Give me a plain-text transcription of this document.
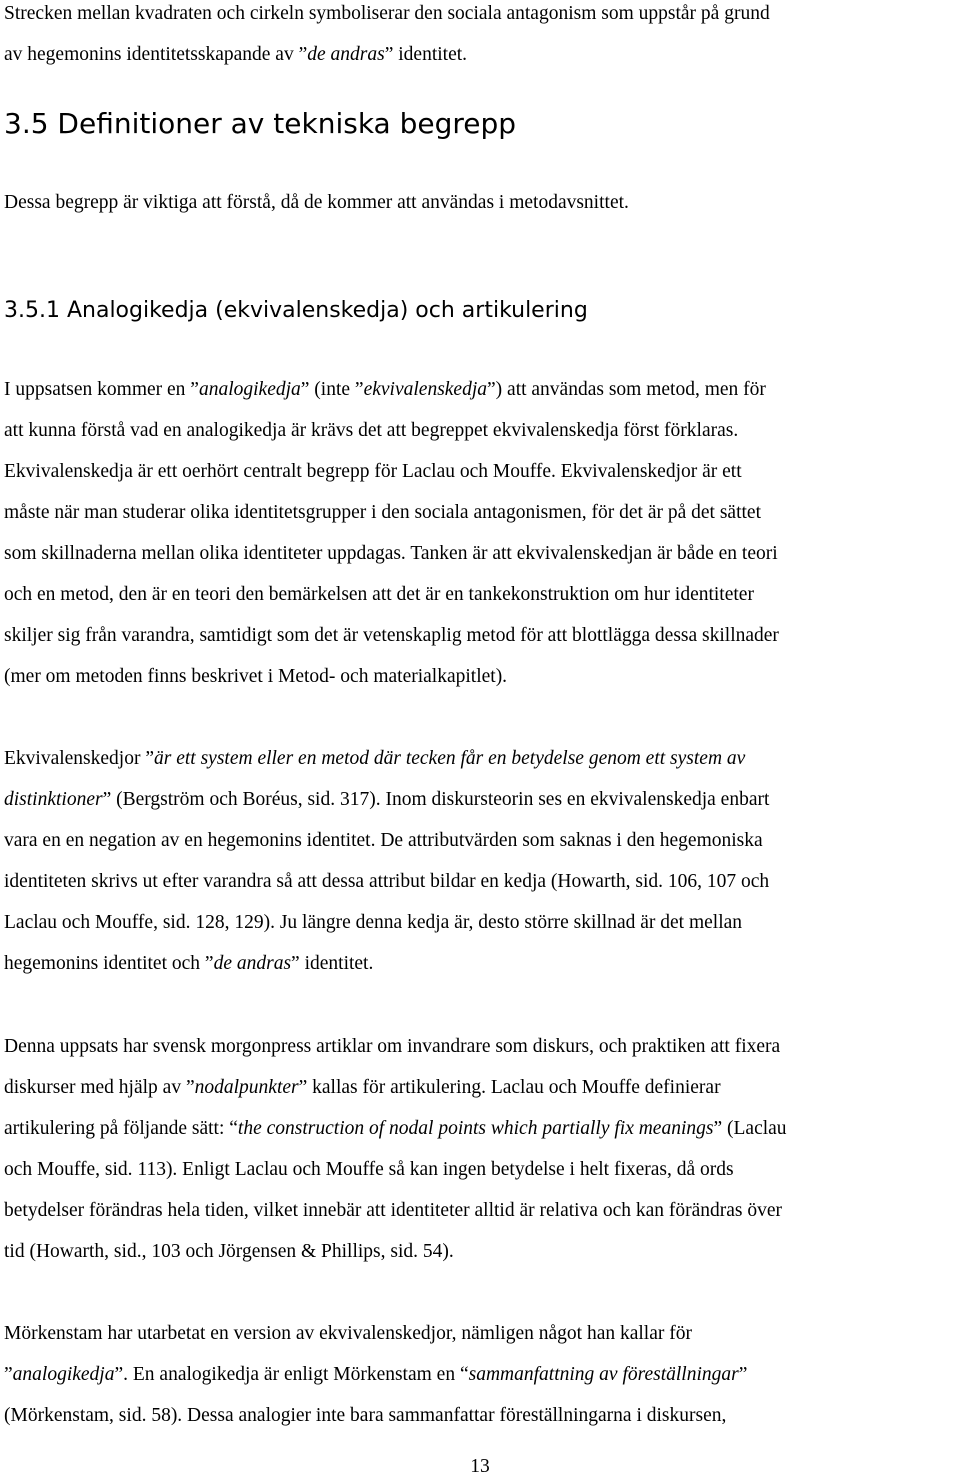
Strecken mellan kvadraten och cirkeln symboliserar den sociala antagonism som uppstår på grund
av hegemonins identitetsskapande av ”de andras” identitet.
3.5 Definitioner av tekniska begrepp
Dessa begrepp är viktiga att förstå, då de kommer att användas i metodavsnittet.
3.5.1 Analogikedja (ekvivalenskedja) och artikulering
I uppsatsen kommer en ”analogikedja” (inte ”ekvivalenskedja”) att användas som metod, men för
att kunna förstå vad en analogikedja är krävs det att begreppet ekvivalenskedja först förklaras.
Ekvivalenskedja är ett oerhört centralt begrepp för Laclau och Mouffe. Ekvivalenskedjor är ett
måste när man studerar olika identitetsgrupper i den sociala antagonismen, för det är på det sättet
som skillnaderna mellan olika identiteter uppdagas. Tanken är att ekvivalenskedjan är både en teori
och en metod, den är en teori den bemärkelsen att det är en tankekonstruktion om hur identiteter
skiljer sig från varandra, samtidigt som det är vetenskaplig metod för att blottlägga dessa skillnader
(mer om metoden finns beskrivet i Metod- och materialkapitlet).
Ekvivalenskedjor ”är ett system eller en metod där tecken får en betydelse genom ett system av
distinktioner” (Bergström och Boréus, sid. 317). Inom diskursteorin ses en ekvivalenskedja enbart
vara en en negation av en hegemonins identitet. De attributvärden som saknas i den hegemoniska
identiteten skrivs ut efter varandra så att dessa attribut bildar en kedja (Howarth, sid. 106, 107 och
Laclau och Mouffe, sid. 128, 129). Ju längre denna kedja är, desto större skillnad är det mellan
hegemonins identitet och ”de andras” identitet.
Denna uppsats har svensk morgonpress artiklar om invandrare som diskurs, och praktiken att fixera
diskurser med hjälp av ”nodalpunkter” kallas för artikulering. Laclau och Mouffe definierar
artikulering på följande sätt: “the construction of nodal points which partially fix meanings” (Laclau
och Mouffe, sid. 113). Enligt Laclau och Mouffe så kan ingen betydelse i helt fixeras, då ords
betydelser förändras hela tiden, vilket innebär att identiteter alltid är relativa och kan förändras över
tid (Howarth, sid., 103 och Jörgensen & Phillips, sid. 54).
Mörkenstam har utarbetat en version av ekvivalenskedjor, nämligen något han kallar för
”analogikedja”. En analogikedja är enligt Mörkenstam en “sammanfattning av föreställningar”
(Mörkenstam, sid. 58). Dessa analogier inte bara sammanfattar föreställningarna i diskursen,
13
